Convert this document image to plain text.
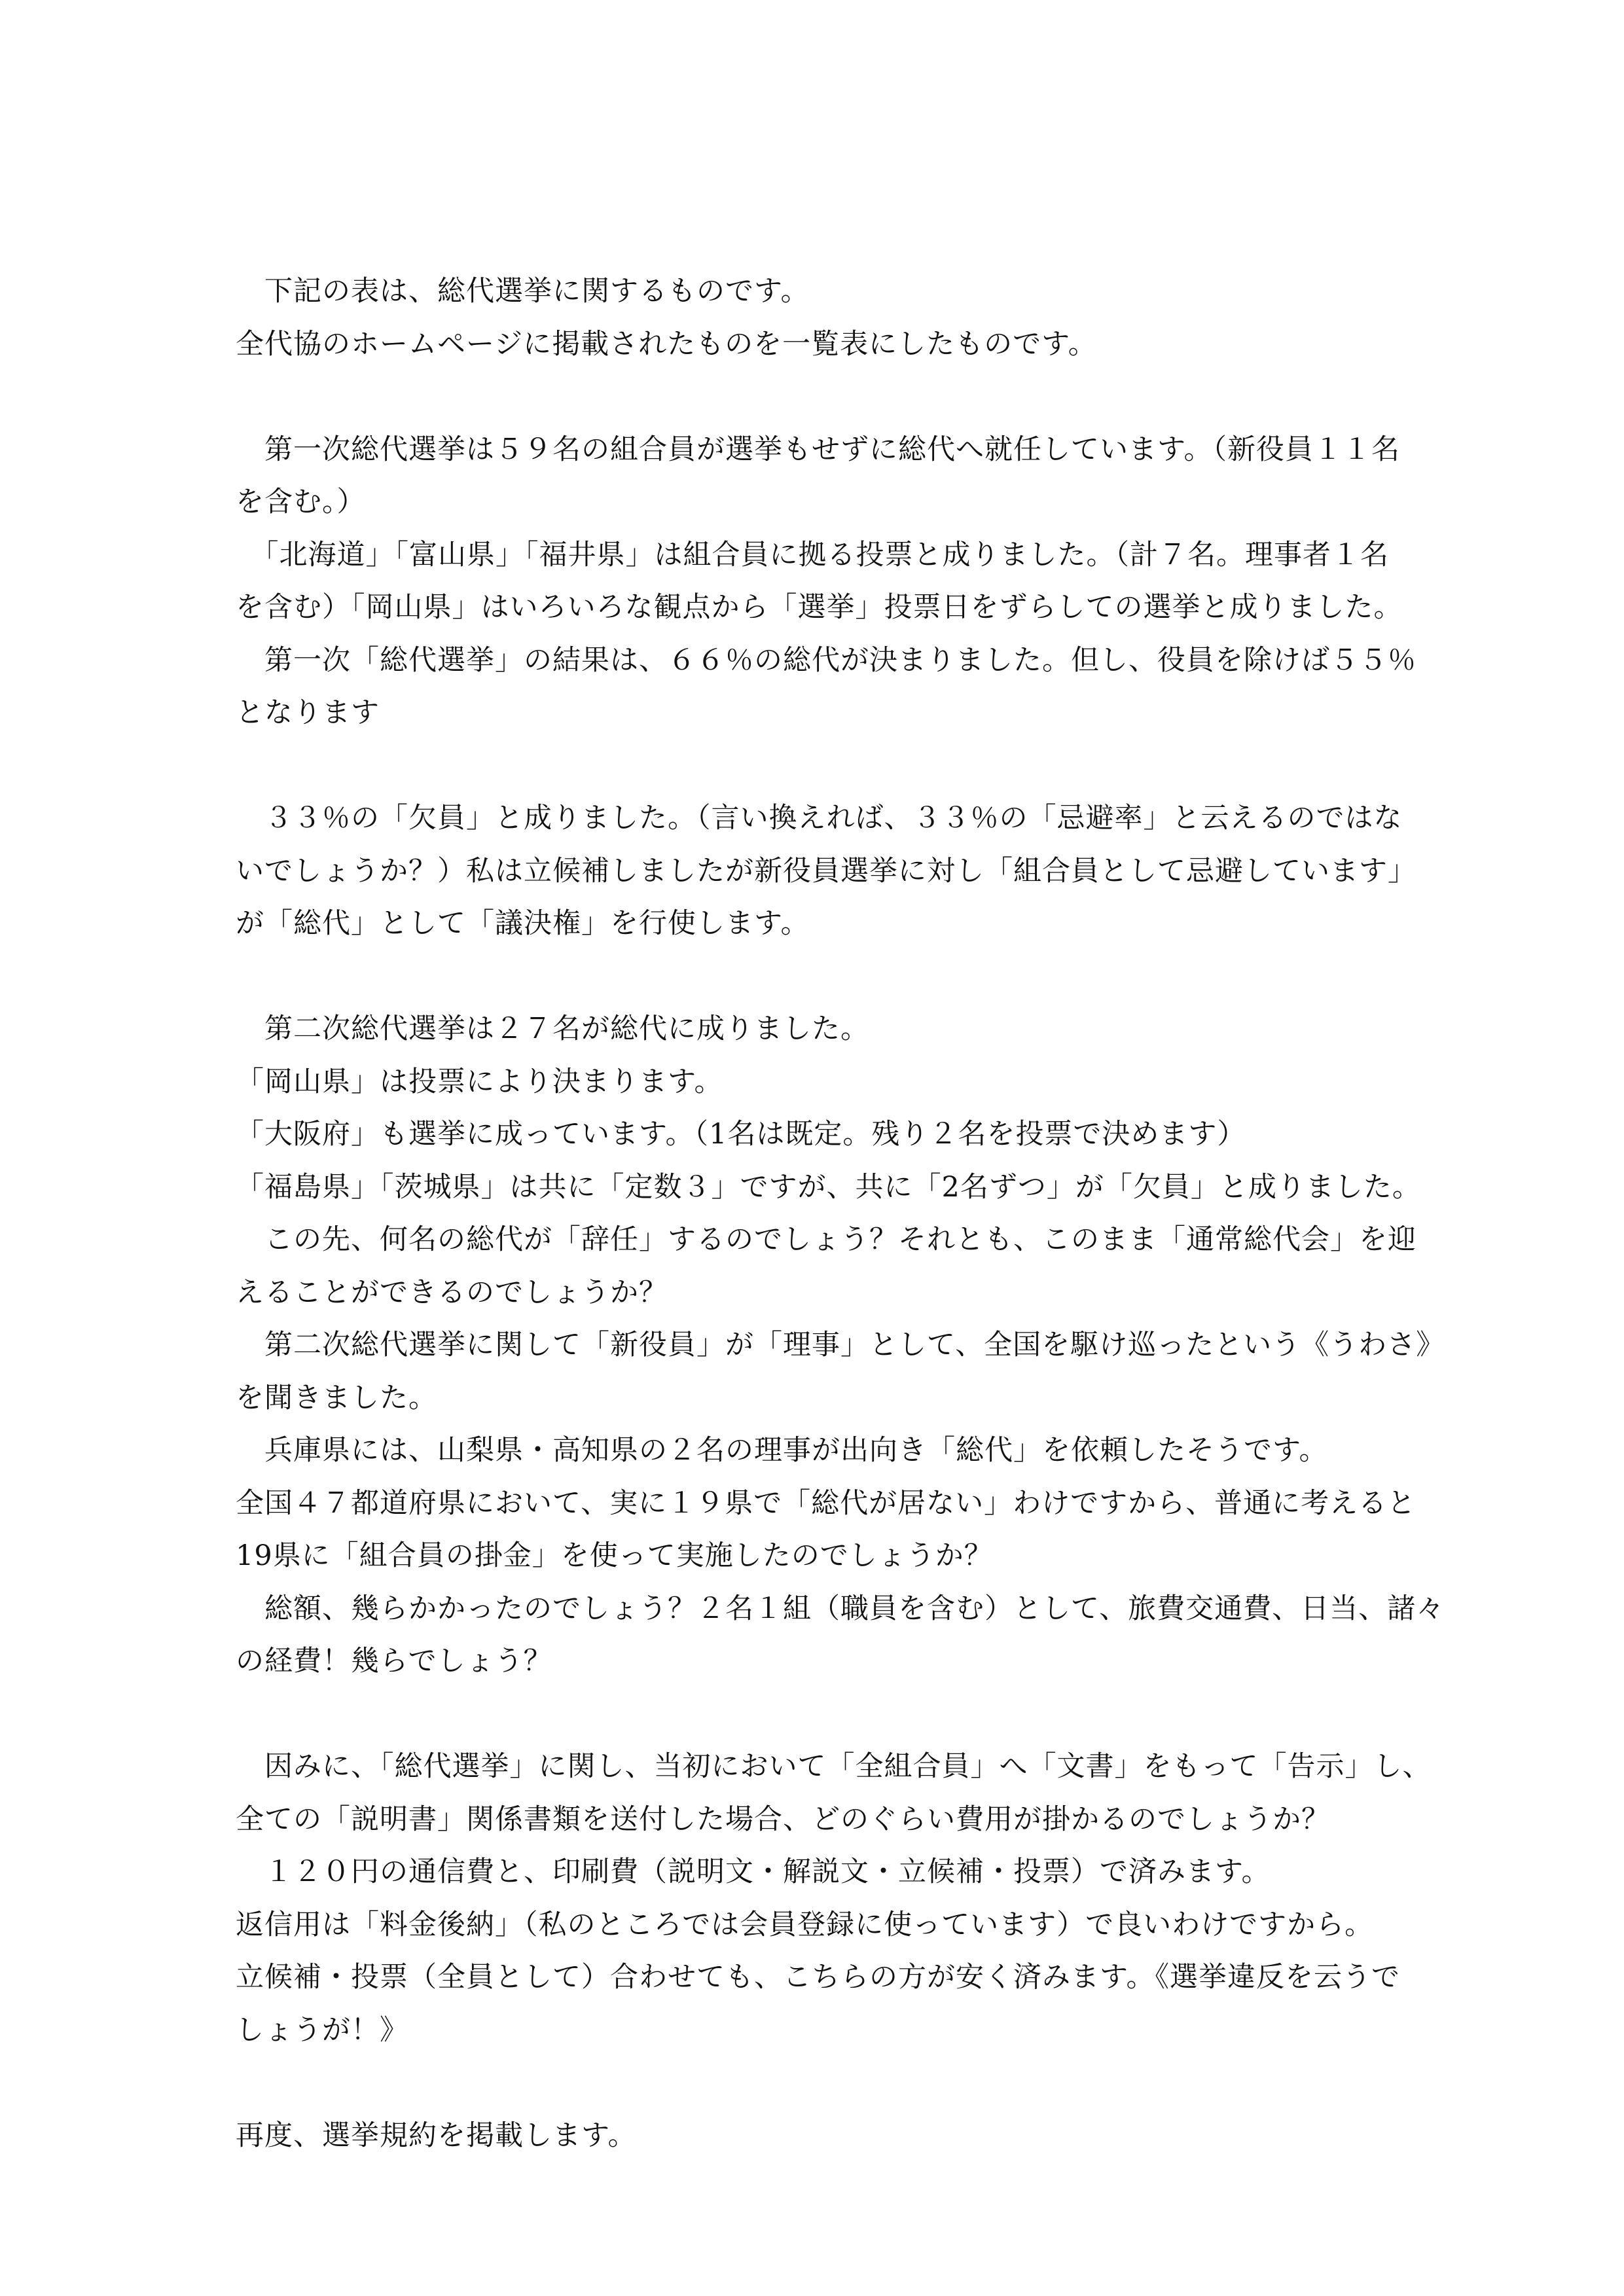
　下記の表は、総代選挙に関するものです。
全代協のホームページに掲載されたものを一覧表にしたものです。
　第一次総代選挙は５９名の組合員が選挙もせずに総代へ就任しています。（新役員１１名
を含む。）
　「北海道」「富山県」「福井県」は組合員に拠る投票と成りました。（計７名。理事者１名
を含む）「岡山県」はいろいろな観点から「選挙」投票日をずらしての選挙と成りました。
　第一次「総代選挙」の結果は、６６％の総代が決まりました。但し、役員を除けば５５％
となります
　３３％の「欠員」と成りました。（言い換えれば、３３％の「忌避率」と云えるのではな
いでしょうか？）私は立候補しましたが新役員選挙に対し「組合員として忌避しています」
が「総代」として「議決権」を行使します。
　第二次総代選挙は２７名が総代に成りました。
「岡山県」は投票により決まります。
「大阪府」も選挙に成っています。（1名は既定。残り２名を投票で決めます）
「福島県」「茨城県」は共に「定数３」ですが、共に「2名ずつ」が「欠員」と成りました。
　この先、何名の総代が「辞任」するのでしょう？それとも、このまま「通常総代会」を迎
えることができるのでしょうか？
　第二次総代選挙に関して「新役員」が「理事」として、全国を駆け巡ったという《うわさ》
を聞きました。
　兵庫県には、山梨県・高知県の２名の理事が出向き「総代」を依頼したそうです。
全国４７都道府県において、実に１９県で「総代が居ない」わけですから、普通に考えると
19県に「組合員の掛金」を使って実施したのでしょうか？
　総額、幾らかかったのでしょう？２名１組（職員を含む）として、旅費交通費、日当、諸々
の経費！幾らでしょう？
　因みに、「総代選挙」に関し、当初において「全組合員」へ「文書」をもって「告示」し、
全ての「説明書」関係書類を送付した場合、どのぐらい費用が掛かるのでしょうか？
　１２０円の通信費と、印刷費（説明文・解説文・立候補・投票）で済みます。
返信用は「料金後納」（私のところでは会員登録に使っています）で良いわけですから。
立候補・投票（全員として）合わせても、こちらの方が安く済みます。《選挙違反を云うで
しょうが！》
再度、選挙規約を掲載します。
